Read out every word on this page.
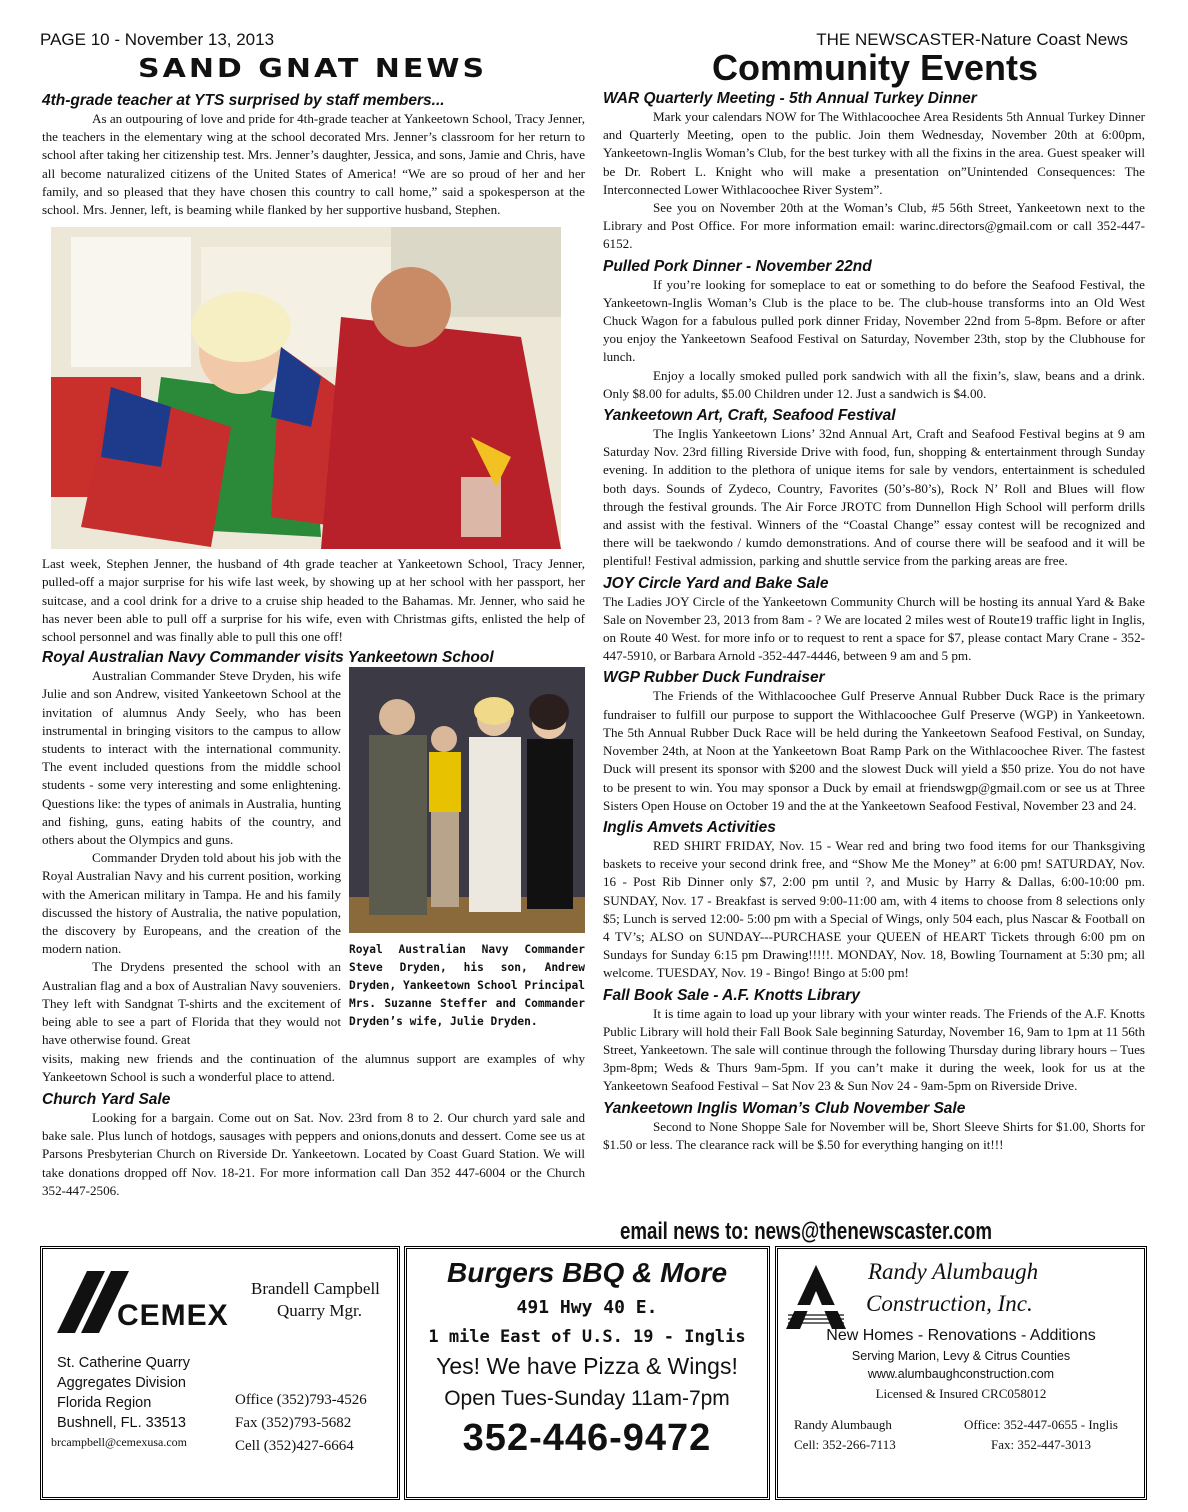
PAGE 10 - November 13, 2013	THE NEWSCASTER-Nature Coast News
SAND GNAT NEWS	Community Events
4th-grade teacher at YTS surprised by staff members...

As an outpouring of love and pride for 4th-grade teacher at Yankeetown School, Tracy Jenner, the teachers in the elementary wing at the school decorated Mrs. Jenner’s classroom for her return to school after taking her citizenship test. Mrs. Jenner’s daughter, Jessica, and sons, Jamie and Chris, have all become naturalized citizens of the United States of America! “We are so proud of her and her family, and so pleased that they have chosen this country to call home,” said a spokesperson at the school. Mrs. Jenner, left, is beaming while flanked by her supportive husband, Stephen.

Last week, Stephen Jenner, the husband of 4th grade teacher at Yankeetown School, Tracy Jenner, pulled-off a major surprise for his wife last week, by showing up at her school with her passport, her suitcase, and a cool drink for a drive to a cruise ship headed to the Bahamas. Mr. Jenner, who said he has never been able to pull off a surprise for his wife, even with Christmas gifts, enlisted the help of school personnel and was finally able to pull this one off!

Royal Australian Navy Commander visits Yankeetown School
Royal Australian Navy Commander Steve Dryden, his son, Andrew Dryden, Yankeetown School Principal Mrs. Suzanne Steffer and Commander Dryden’s wife, Julie Dryden.

Australian Commander Steve Dryden, his wife Julie and son Andrew, visited Yankeetown School at the invitation of alumnus Andy Seely, who has been instrumental in bringing visitors to the campus to allow students to interact with the international community. The event included questions from the middle school students - some very interesting and some enlightening. Questions like: the types of animals in Australia, hunting and fishing, guns, eating habits of the country, and others about the Olympics and guns.

Commander Dryden told about his job with the Royal Australian Navy and his current position, working with the American military in Tampa. He and his family discussed the history of Australia, the native population, the discovery by Europeans, and the creation of the modern nation.

The Drydens presented the school with an Australian flag and a box of Australian Navy souveniers. They left with Sandgnat T-shirts and the excitement of being able to see a part of Florida that they would not have otherwise found. Great

visits, making new friends and the continuation of the alumnus support are examples of why Yankeetown School is such a wonderful place to attend.

Church Yard Sale

Looking for a bargain. Come out on Sat. Nov. 23rd from 8 to 2. Our church yard sale and bake sale. Plus lunch of hotdogs, sausages with peppers and onions,donuts and dessert. Come see us at Parsons Presbyterian Church on Riverside Dr. Yankeetown. Located by Coast Guard Station. We will take donations dropped off Nov. 18-21. For more information call Dan 352 447-6004 or the Church 352-447-2506.

WAR Quarterly Meeting - 5th Annual Turkey Dinner

Mark your calendars NOW for The Withlacoochee Area Residents 5th Annual Turkey Dinner and Quarterly Meeting, open to the public. Join them Wednesday, November 20th at 6:00pm, Yankeetown-Inglis Woman’s Club, for the best turkey with all the fixins in the area. Guest speaker will be Dr. Robert L. Knight who will make a presentation on”Unintended Consequences: The Interconnected Lower Withlacoochee River System”.

See you on November 20th at the Woman’s Club, #5 56th Street, Yankeetown next to the Library and Post Office. For more information email: warinc.directors@gmail.com or call 352-447-6152.

Pulled Pork Dinner - November 22nd

If you’re looking for someplace to eat or something to do before the Seafood Festival, the Yankeetown-Inglis Woman’s Club is the place to be. The club-house transforms into an Old West Chuck Wagon for a fabulous pulled pork dinner Friday, November 22nd from 5-8pm. Before or after you enjoy the Yankeetown Seafood Festival on Saturday, November 23th, stop by the Clubhouse for lunch.

Enjoy a locally smoked pulled pork sandwich with all the fixin’s, slaw, beans and a drink. Only $8.00 for adults, $5.00 Children under 12. Just a sandwich is $4.00.

Yankeetown Art, Craft, Seafood Festival

The Inglis Yankeetown Lions’ 32nd Annual Art, Craft and Seafood Festival begins at 9 am Saturday Nov. 23rd filling Riverside Drive with food, fun, shopping & entertainment through Sunday evening. In addition to the plethora of unique items for sale by vendors, entertainment is scheduled both days. Sounds of Zydeco, Country, Favorites (50’s-80’s), Rock N’ Roll and Blues will flow through the festival grounds. The Air Force JROTC from Dunnellon High School will perform drills and assist with the festival. Winners of the “Coastal Change” essay contest will be recognized and there will be taekwondo / kumdo demonstrations. And of course there will be seafood and it will be plentiful! Festival admission, parking and shuttle service from the parking areas are free.

JOY Circle Yard and Bake Sale

The Ladies JOY Circle of the Yankeetown Community Church will be hosting its annual Yard & Bake Sale on November 23, 2013 from 8am - ? We are located 2 miles west of Route19 traffic light in Inglis, on Route 40 West. for more info or to request to rent a space for $7, please contact Mary Crane - 352-447-5910, or Barbara Arnold -352-447-4446, between 9 am and 5 pm.

WGP Rubber Duck Fundraiser

The Friends of the Withlacoochee Gulf Preserve Annual Rubber Duck Race is the primary fundraiser to fulfill our purpose to support the Withlacoochee Gulf Preserve (WGP) in Yankeetown. The 5th Annual Rubber Duck Race will be held during the Yankeetown Seafood Festival, on Sunday, November 24th, at Noon at the Yankeetown Boat Ramp Park on the Withlacoochee River. The fastest Duck will present its sponsor with $200 and the slowest Duck will yield a $50 prize. You do not have to be present to win. You may sponsor a Duck by email at friendswgp@gmail.com or see us at Three Sisters Open House on October 19 and the at the Yankeetown Seafood Festival, November 23 and 24.

Inglis Amvets Activities

RED SHIRT FRIDAY, Nov. 15 - Wear red and bring two food items for our Thanksgiving baskets to receive your second drink free, and “Show Me the Money” at 6:00 pm! SATURDAY, Nov. 16 - Post Rib Dinner only $7, 2:00 pm until ?, and Music by Harry & Dallas, 6:00-10:00 pm. SUNDAY, Nov. 17 - Breakfast is served 9:00-11:00 am, with 4 items to choose from 8 selections only $5; Lunch is served 12:00- 5:00 pm with a Special of Wings, only 504 each, plus Nascar & Football on 4 TV’s; ALSO on SUNDAY---PURCHASE your QUEEN of HEART Tickets through 6:00 pm on Sundays for Sunday 6:15 pm Drawing!!!!!. MONDAY, Nov. 18, Bowling Tournament at 5:30 pm; all welcome. TUESDAY, Nov. 19 - Bingo! Bingo at 5:00 pm!

Fall Book Sale - A.F. Knotts Library

It is time again to load up your library with your winter reads. The Friends of the A.F. Knotts Public Library will hold their Fall Book Sale beginning Saturday, November 16, 9am to 1pm at 11 56th Street, Yankeetown. The sale will continue through the following Thursday during library hours – Tues 3pm-8pm; Weds & Thurs 9am-5pm. If you can’t make it during the week, look for us at the Yankeetown Seafood Festival – Sat Nov 23 & Sun Nov 24 - 9am-5pm on Riverside Drive.

Yankeetown Inglis Woman’s Club November Sale

Second to None Shoppe Sale for November will be, Short Sleeve Shirts for $1.00, Shorts for $1.50 or less. The clearance rack will be $.50 for everything hanging on it!!!

email news to: news@thenewscaster.com
CEMEX
Brandell Campbell
Quarry Mgr.
St. Catherine Quarry
Aggregates Division
Florida Region
Bushnell, FL. 33513
Office (352)793-4526
Fax (352)793-5682
Cell (352)427-6664
brcampbell@cemexusa.com
Burgers BBQ & More
491 Hwy 40 E.
1 mile East of U.S. 19 - Inglis
Yes! We have Pizza & Wings!
Open Tues-Sunday 11am-7pm
352-446-9472
Randy Alumbaugh
Construction, Inc.
New Homes - Renovations - Additions
Serving Marion, Levy & Citrus Counties
www.alumbaughconstruction.com
Licensed & Insured CRC058012
Randy Alumbaugh
Cell: 352-266-7113
Office: 352-447-0655 - Inglis
Fax: 352-447-3013
